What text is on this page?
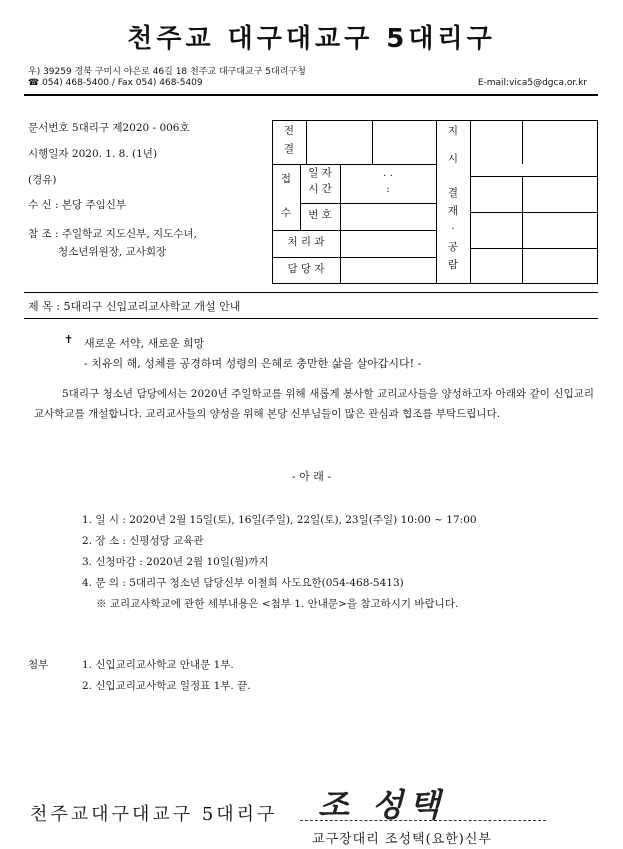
천주교 대구대교구 5대리구
우) 39259 경북 구미시 야은로 46길 18 천주교 대구대교구 5대리구청
☎ 054) 468-5400 / Fax 054) 468-5409	E-mail:vica5@dgca.or.kr
문서번호 5대리구 제2020 - 006호
시행일자 2020. 1. 8. (1년)
(경유)
수 신 : 본당 주임신부
참 조 : 주일학교 지도신부, 지도수녀,
청소년위원장, 교사회장
전
결
접
수
일 자
시 간
. .
:
번 호
처 리 과
담 당 자
지
시
결
재
·
공
람
제 목 : 5대리구 신입교리교사학교 개설 안내
✝ 새로운 서약, 새로운 희망
- 치유의 해, 성체를 공경하며 성령의 은혜로 충만한 삶을 살아갑시다! -
5대리구 청소년 담당에서는 2020년 주일학교를 위해 새롭게 봉사할 교리교사들을 양성하고자 아래와 같이 신입교리교사학교를 개설합니다. 교리교사들의 양성을 위해 본당 신부님들이 많은 관심과 협조를 부탁드립니다.
- 아 래 -
1. 일 시 : 2020년 2월 15일(토), 16일(주일), 22일(토), 23일(주일) 10:00 ~ 17:00
2. 장 소 : 신평성당 교육관
3. 신청마감 : 2020년 2월 10일(월)까지
4. 문 의 : 5대리구 청소년 담당신부 이철희 사도요한(054-468-5413)
※ 교리교사학교에 관한 세부내용은 <첨부 1. 안내문>을 참고하시기 바랍니다.
첨부	1. 신입교리교사학교 안내문 1부.
2. 신입교리교사학교 일정표 1부. 끝.
천주교대구대교구 5대리구 조 성택
교구장대리 조성택(요한)신부
